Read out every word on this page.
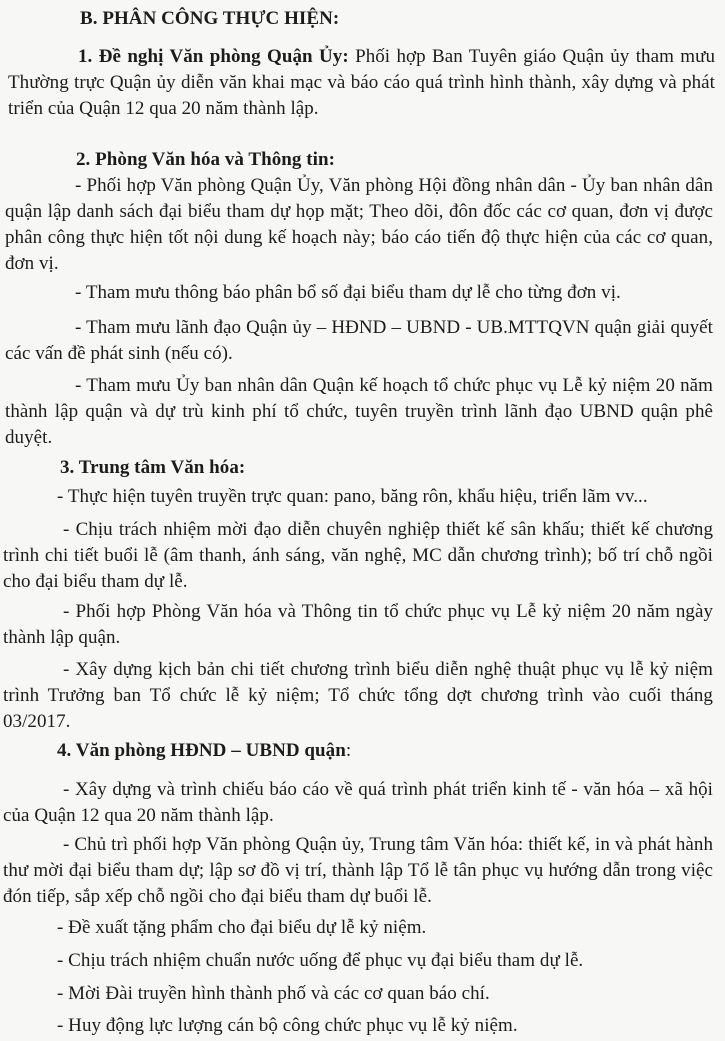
B. PHÂN CÔNG THỰC HIỆN:

1. Đề nghị Văn phòng Quận Ủy: Phối hợp Ban Tuyên giáo Quận ủy tham mưu Thường trực Quận ủy diễn văn khai mạc và báo cáo quá trình hình thành, xây dựng và phát triển của Quận 12 qua 20 năm thành lập.

2. Phòng Văn hóa và Thông tin:

- Phối hợp Văn phòng Quận Ủy, Văn phòng Hội đồng nhân dân - Ủy ban nhân dân quận lập danh sách đại biểu tham dự họp mặt; Theo dõi, đôn đốc các cơ quan, đơn vị được phân công thực hiện tốt nội dung kế hoạch này; báo cáo tiến độ thực hiện của các cơ quan, đơn vị.

- Tham mưu thông báo phân bổ số đại biểu tham dự lễ cho từng đơn vị.

- Tham mưu lãnh đạo Quận ủy – HĐND – UBND - UB.MTTQVN quận giải quyết các vấn đề phát sinh (nếu có).

- Tham mưu Ủy ban nhân dân Quận kế hoạch tổ chức phục vụ Lễ kỷ niệm 20 năm thành lập quận và dự trù kinh phí tổ chức, tuyên truyền trình lãnh đạo UBND quận phê duyệt.

3. Trung tâm Văn hóa:

- Thực hiện tuyên truyền trực quan: pano, băng rôn, khẩu hiệu, triển lãm vv...

- Chịu trách nhiệm mời đạo diễn chuyên nghiệp thiết kế sân khấu; thiết kế chương trình chi tiết buổi lễ (âm thanh, ánh sáng, văn nghệ, MC dẫn chương trình); bố trí chỗ ngồi cho đại biểu tham dự lễ.

- Phối hợp Phòng Văn hóa và Thông tin tổ chức phục vụ Lễ kỷ niệm 20 năm ngày thành lập quận.

- Xây dựng kịch bản chi tiết chương trình biểu diễn nghệ thuật phục vụ lễ kỷ niệm trình Trưởng ban Tổ chức lễ kỷ niệm; Tổ chức tổng dợt chương trình vào cuối tháng 03/2017.

4. Văn phòng HĐND – UBND quận:

- Xây dựng và trình chiếu báo cáo về quá trình phát triển kinh tế - văn hóa – xã hội của Quận 12 qua 20 năm thành lập.

- Chủ trì phối hợp Văn phòng Quận ủy, Trung tâm Văn hóa: thiết kế, in và phát hành thư mời đại biểu tham dự; lập sơ đồ vị trí, thành lập Tổ lễ tân phục vụ hướng dẫn trong việc đón tiếp, sắp xếp chỗ ngồi cho đại biểu tham dự buổi lễ.

- Đề xuất tặng phẩm cho đại biểu dự lễ kỷ niệm.

- Chịu trách nhiệm chuẩn nước uống để phục vụ đại biểu tham dự lễ.

- Mời Đài truyền hình thành phố và các cơ quan báo chí.

- Huy động lực lượng cán bộ công chức phục vụ lễ kỷ niệm.
